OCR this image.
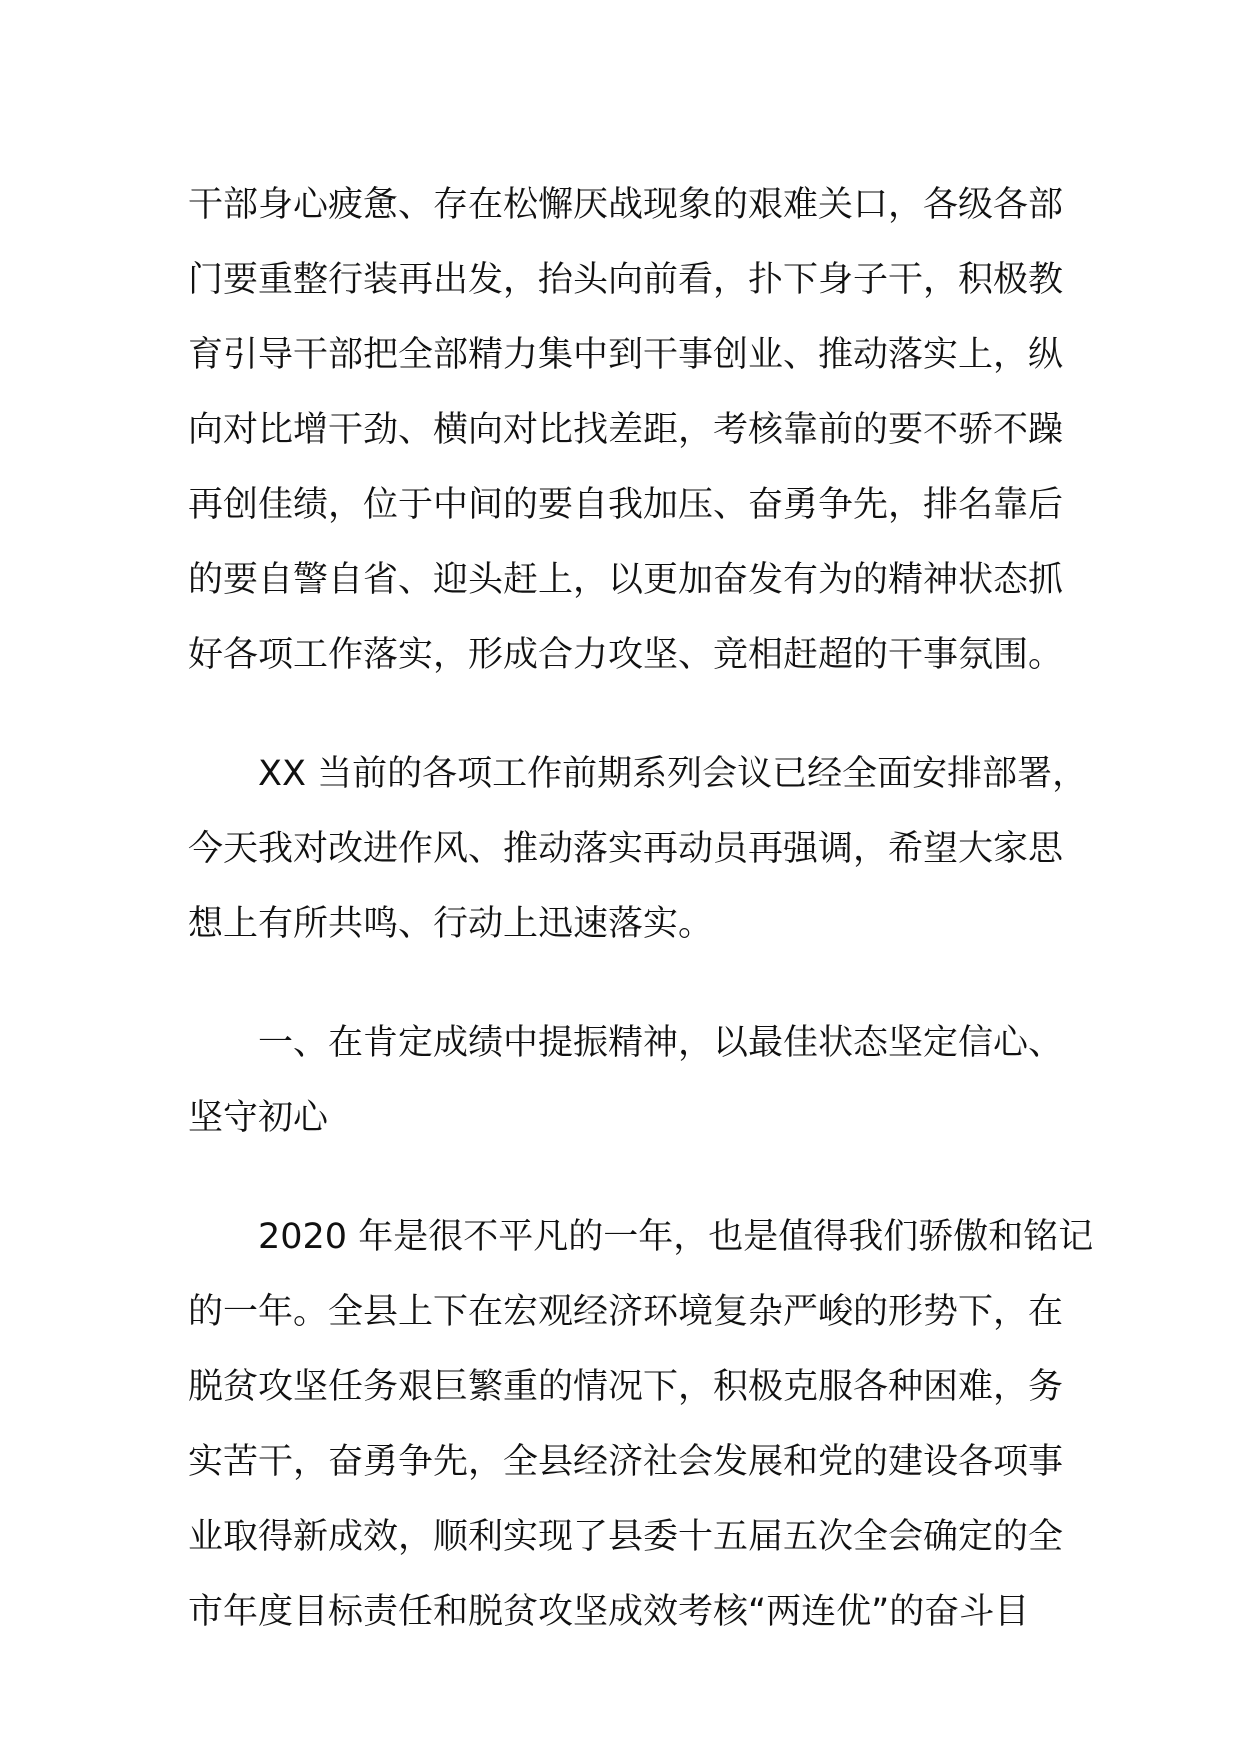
干部身心疲惫、存在松懈厌战现象的艰难关口，各级各部
门要重整行装再出发，抬头向前看，扑下身子干，积极教
育引导干部把全部精力集中到干事创业、推动落实上，纵
向对比增干劲、横向对比找差距，考核靠前的要不骄不躁
再创佳绩，位于中间的要自我加压、奋勇争先，排名靠后
的要自警自省、迎头赶上，以更加奋发有为的精神状态抓
好各项工作落实，形成合力攻坚、竞相赶超的干事氛围。
XX 当前的各项工作前期系列会议已经全面安排部署，
今天我对改进作风、推动落实再动员再强调，希望大家思
想上有所共鸣、行动上迅速落实。
一、在肯定成绩中提振精神，以最佳状态坚定信心、
坚守初心
2020 年是很不平凡的一年，也是值得我们骄傲和铭记
的一年。全县上下在宏观经济环境复杂严峻的形势下，在
脱贫攻坚任务艰巨繁重的情况下，积极克服各种困难，务
实苦干，奋勇争先，全县经济社会发展和党的建设各项事
业取得新成效，顺利实现了县委十五届五次全会确定的全
市年度目标责任和脱贫攻坚成效考核“两连优”的奋斗目
